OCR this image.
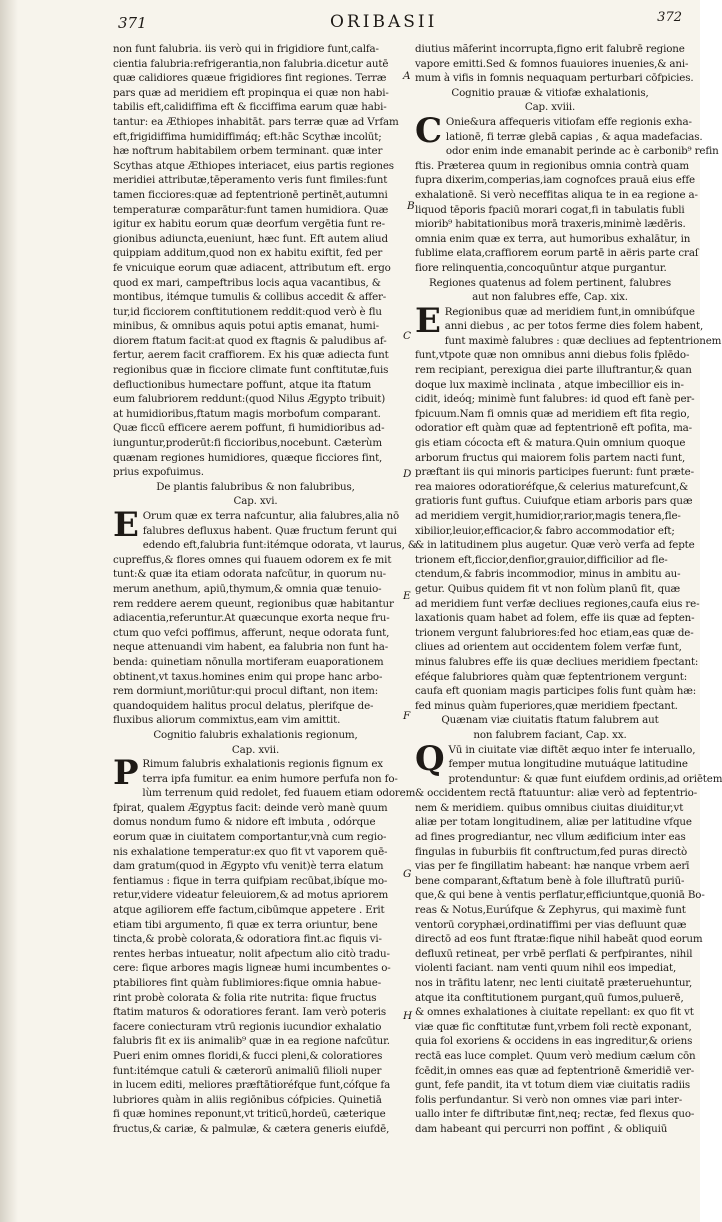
371	ORIBASII	372
non funt falubria. iis verò qui in frigidiore funt,calfa-
cientia falubria:refrigerantia,non falubria.dicetur autē
quæ calidiores quæue frigidiores fint regiones. Terræ
pars quæ ad meridiem eft propinqua ei quæ non habi-
tabilis eft,calidiffima eft & ficciffima earum quæ habi-
tantur: ea Æthiopes inhabitāt. pars terræ quæ ad Vrfam
eft,frigidiffima humidiffimáq; eft:hāc Scythæ incolūt;
hæ noftrum habitabilem orbem terminant. quæ inter
Scythas atque Æthiopes interiacet, eius partis regiones
meridiei attributæ,tēperamento veris funt fimiles:funt
tamen ficciores:quæ ad feptentrionē pertinēt,autumni
temperaturæ comparātur:funt tamen humidiora. Quæ
igitur ex habitu eorum quæ deorfum vergētia funt re-
gionibus adiuncta,eueniunt, hæc funt. Eft autem aliud
quippiam additum,quod non ex habitu exiftit, fed per
fe vnicuique eorum quæ adiacent, attributum eft. ergo
quod ex mari, campeftribus locis aqua vacantibus, &
montibus, itémque tumulis & collibus accedit & affer-
tur,id ficciorem conftitutionem reddit:quod verò è flu
minibus, & omnibus aquis potui aptis emanat, humi-
diorem ftatum facit:at quod ex ftagnis & paludibus af-
fertur, aerem facit craffiorem. Ex his quæ adiecta funt
regionibus quæ in ficciore climate funt conftitutæ,fuis
defluctionibus humectare poffunt, atque ita ftatum
eum falubriorem reddunt:(quod Nilus Ægypto tribuit)
at humidioribus,ftatum magis morbofum comparant.
Quæ ficcū efficere aerem poffunt, fi humidioribus ad-
iunguntur,proderūt:fi ficcioribus,nocebunt. Cæterùm
quænam regiones humidiores, quæque ficciores fint,
prius expofuimus.
De plantis falubribus & non falubribus,
Cap. xvi.
E Orum quæ ex terra nafcuntur, alia falubres,alia nō
falubres defluxus habent. Quæ fructum ferunt qui
edendo eft,falubria funt:itémque odorata, vt laurus, &
cupreffus,& flores omnes qui fuauem odorem ex fe mit
tunt:& quæ ita etiam odorata nafcūtur, in quorum nu-
merum anethum, apiū,thymum,& omnia quæ tenuio-
rem reddere aerem queunt, regionibus quæ habitantur
adiacentia,referuntur.At quæcunque exorta neque fru-
ctum quo vefci poffimus, afferunt, neque odorata funt,
neque attenuandi vim habent, ea falubria non funt ha-
benda: quinetiam nōnulla mortiferam euaporationem
obtinent,vt taxus.homines enim qui prope hanc arbo-
rem dormiunt,moriūtur:qui procul diftant, non item:
quandoquidem halitus procul delatus, plerifque de-
fluxibus aliorum commixtus,eam vim amittit.
Cognitio falubris exhalationis regionum,
Cap. xvii.
P Rimum falubris exhalationis regionis fignum ex
terra ipfa fumitur. ea enim humore perfufa non fo-
lùm terrenum quid redolet, fed fuauem etiam odorem
fpirat, qualem Ægyptus facit: deinde verò manè quum
domus nondum fumo & nidore eft imbuta , odórque
eorum quæ in ciuitatem comportantur,vnà cum regio-
nis exhalatione temperatur:ex quo fit vt vaporem quē-
dam gratum(quod in Ægypto vfu venit)è terra elatum
fentiamus : fique in terra quifpiam recūbat,ibíque mo-
retur,videre videatur feleuiorem,& ad motus apriorem
atque agiliorem effe factum,cibūmque appetere . Erit
etiam tibi argumento, fi quæ ex terra oriuntur, bene
tincta,& probè colorata,& odoratiora fint.ac fiquis vi-
rentes herbas intueatur, nolit afpectum alio citò tradu-
cere: fique arbores magis ligneæ humi incumbentes o-
ptabiliores fint quàm fublimiores:fique omnia habue-
rint probè colorata & folia rite nutrita: fique fructus
ftatim maturos & odoratiores ferant. Iam verò poteris
facere coniecturam vtrū regionis iucundior exhalatio
falubris fit ex iis animalib⁹ quæ in ea regione nafcūtur.
Pueri enim omnes floridi,& fucci pleni,& coloratiores
funt:itémque catuli & cæterorū animaliū filioli nuper
in lucem editi, meliores præftātioréfque funt,cófque fa
lubriores quàm in aliis regiōnibus cófpicies. Quinetiā
fi quæ homines reponunt,vt triticū,hordeū, cæterique
fructus,& cariæ, & palmulæ, & cætera generis eiufdē,
diutius mãferint incorrupta,figno erit falubrē regione
vapore emitti.Sed & fomnos fuauiores inuenies,& ani-
mum à vifis in fomnis nequaquam perturbari cōfpicies.
Cognitio prauæ & vitiofæ exhalationis,
Cap. xviii.
C Onie&ura affequeris vitiofam effe regionis exha-
lationē, fi terræ glebā capias , & aqua madefacias.
odor enim inde emanabit perinde ac è carbonib⁹ refin
ftis. Præterea quum in regionibus omnia contrà quam
fupra dixerim,comperias,iam cognofces prauā eius effe
exhalationē. Si verò neceffitas aliqua te in ea regione a-
liquod tēporis fpaciū morari cogat,fi in tabulatis fubli
miorib⁹ habitationibus morā traxeris,minimè lædēris.
omnia enim quæ ex terra, aut humoribus exhalātur, in
fublime elata,craffiorem eorum partē in aëris parte craſ
fiore relinquentia,concoquūntur atque purgantur.
Regiones quatenus ad folem pertinent, falubres
aut non falubres effe, Cap. xix.
E Regionibus quæ ad meridiem funt,in omnibúfque
anni diebus , ac per totos ferme dies folem habent,
funt maximè falubres : quæ decliues ad feptentrionem
funt,vtpote quæ non omnibus anni diebus folis fplēdo-
rem recipiant, perexigua diei parte illuftrantur,& quan
doque lux maximè inclinata , atque imbecillior eis in-
cidit, ideóq; minimè funt falubres: id quod eft fanè per-
fpicuum.Nam fi omnis quæ ad meridiem eft fita regio,
odoratior eft quàm quæ ad feptentrionē eft pofita, ma-
gis etiam cócocta eft & matura.Quin omnium quoque
arborum fructus qui maiorem folis partem nacti funt,
præftant iis qui minoris participes fuerunt: funt præte-
rea maiores odoratioréfque,& celerius maturefcunt,&
gratioris funt guftus. Cuiufque etiam arboris pars quæ
ad meridiem vergit,humidior,rarior,magis tenera,fle-
xibilior,leuior,efficacior,& fabro accommodatior eft;
& in latitudinem plus augetur. Quæ verò verfa ad fepte
trionem eft,ficcior,denfior,grauior,difficilior ad fle-
ctendum,& fabris incommodior, minus in ambitu au-
getur. Quibus quidem fit vt non folùm planū fit, quæ
ad meridiem funt verfæ decliues regiones,caufa eius re-
laxationis quam habet ad folem, effe iis quæ ad fepten-
trionem vergunt falubriores:fed hoc etiam,eas quæ de-
cliues ad orientem aut occidentem folem verfæ funt,
minus falubres effe iis quæ decliues meridiem fpectant:
eféque falubriores quàm quæ feptentrionem vergunt:
caufa eft quoniam magis participes folis funt quàm hæ:
fed minus quàm fuperiores,quæ meridiem fpectant.
Quænam viæ ciuitatis ftatum falubrem aut
non falubrem faciant, Cap. xx.
Q Vū in ciuitate viæ diftēt æquo inter fe interuallo,
femper mutua longitudine mutuáque latitudine
protenduntur: & quæ funt eiufdem ordinis,ad oriētem
& occidentem rectā ftatuuntur: aliæ verò ad feptentrio-
nem & meridiem. quibus omnibus ciuitas diuiditur,vt
aliæ per totam longitudinem, aliæ per latitudine vfque
ad fines progrediantur, nec vllum ædificium inter eas
fingulas in fuburbiis fit conftructum,fed puras directò
vias per fe fingillatim habeant: hæ nanque vrbem aerī
bene comparant,&ftatum benè à fole illuftratū puriū-
que,& qui bene à ventis perflatur,efficiuntque,quoniā Bo-
reas & Notus,Eurúfque & Zephyrus, qui maximè funt
ventorū coryphæi,ordinatiffimi per vias defluunt quæ
directō ad eos funt ftratæ:fique nihil habeāt quod eorum
defluxū retineat, per vrbē perflati & perfpirantes, nihil
violenti faciant. nam venti quum nihil eos impediat,
nos in trāfitu latenr, nec lenti ciuitatē præteruehuntur,
atque ita conftitutionem purgant,quū fumos,puluerē,
& omnes exhalationes à ciuitate repellant: ex quo fit vt
viæ quæ fic conftitutæ funt,vrbem foli rectè exponant,
quia fol exoriens & occidens in eas ingreditur,& oriens
rectā eas luce complet. Quum verò medium cælum cōn
fcēdit,in omnes eas quæ ad feptentrionē &meridiē ver-
gunt, fefe pandit, ita vt totum diem viæ ciuitatis radiis
folis perfundantur. Si verò non omnes viæ pari inter-
uallo inter fe diftributæ fint,neq; rectæ, fed flexus quo-
dam habeant qui percurri non poffint , & obliquiū
A
B
C
D
E
F
G
H
